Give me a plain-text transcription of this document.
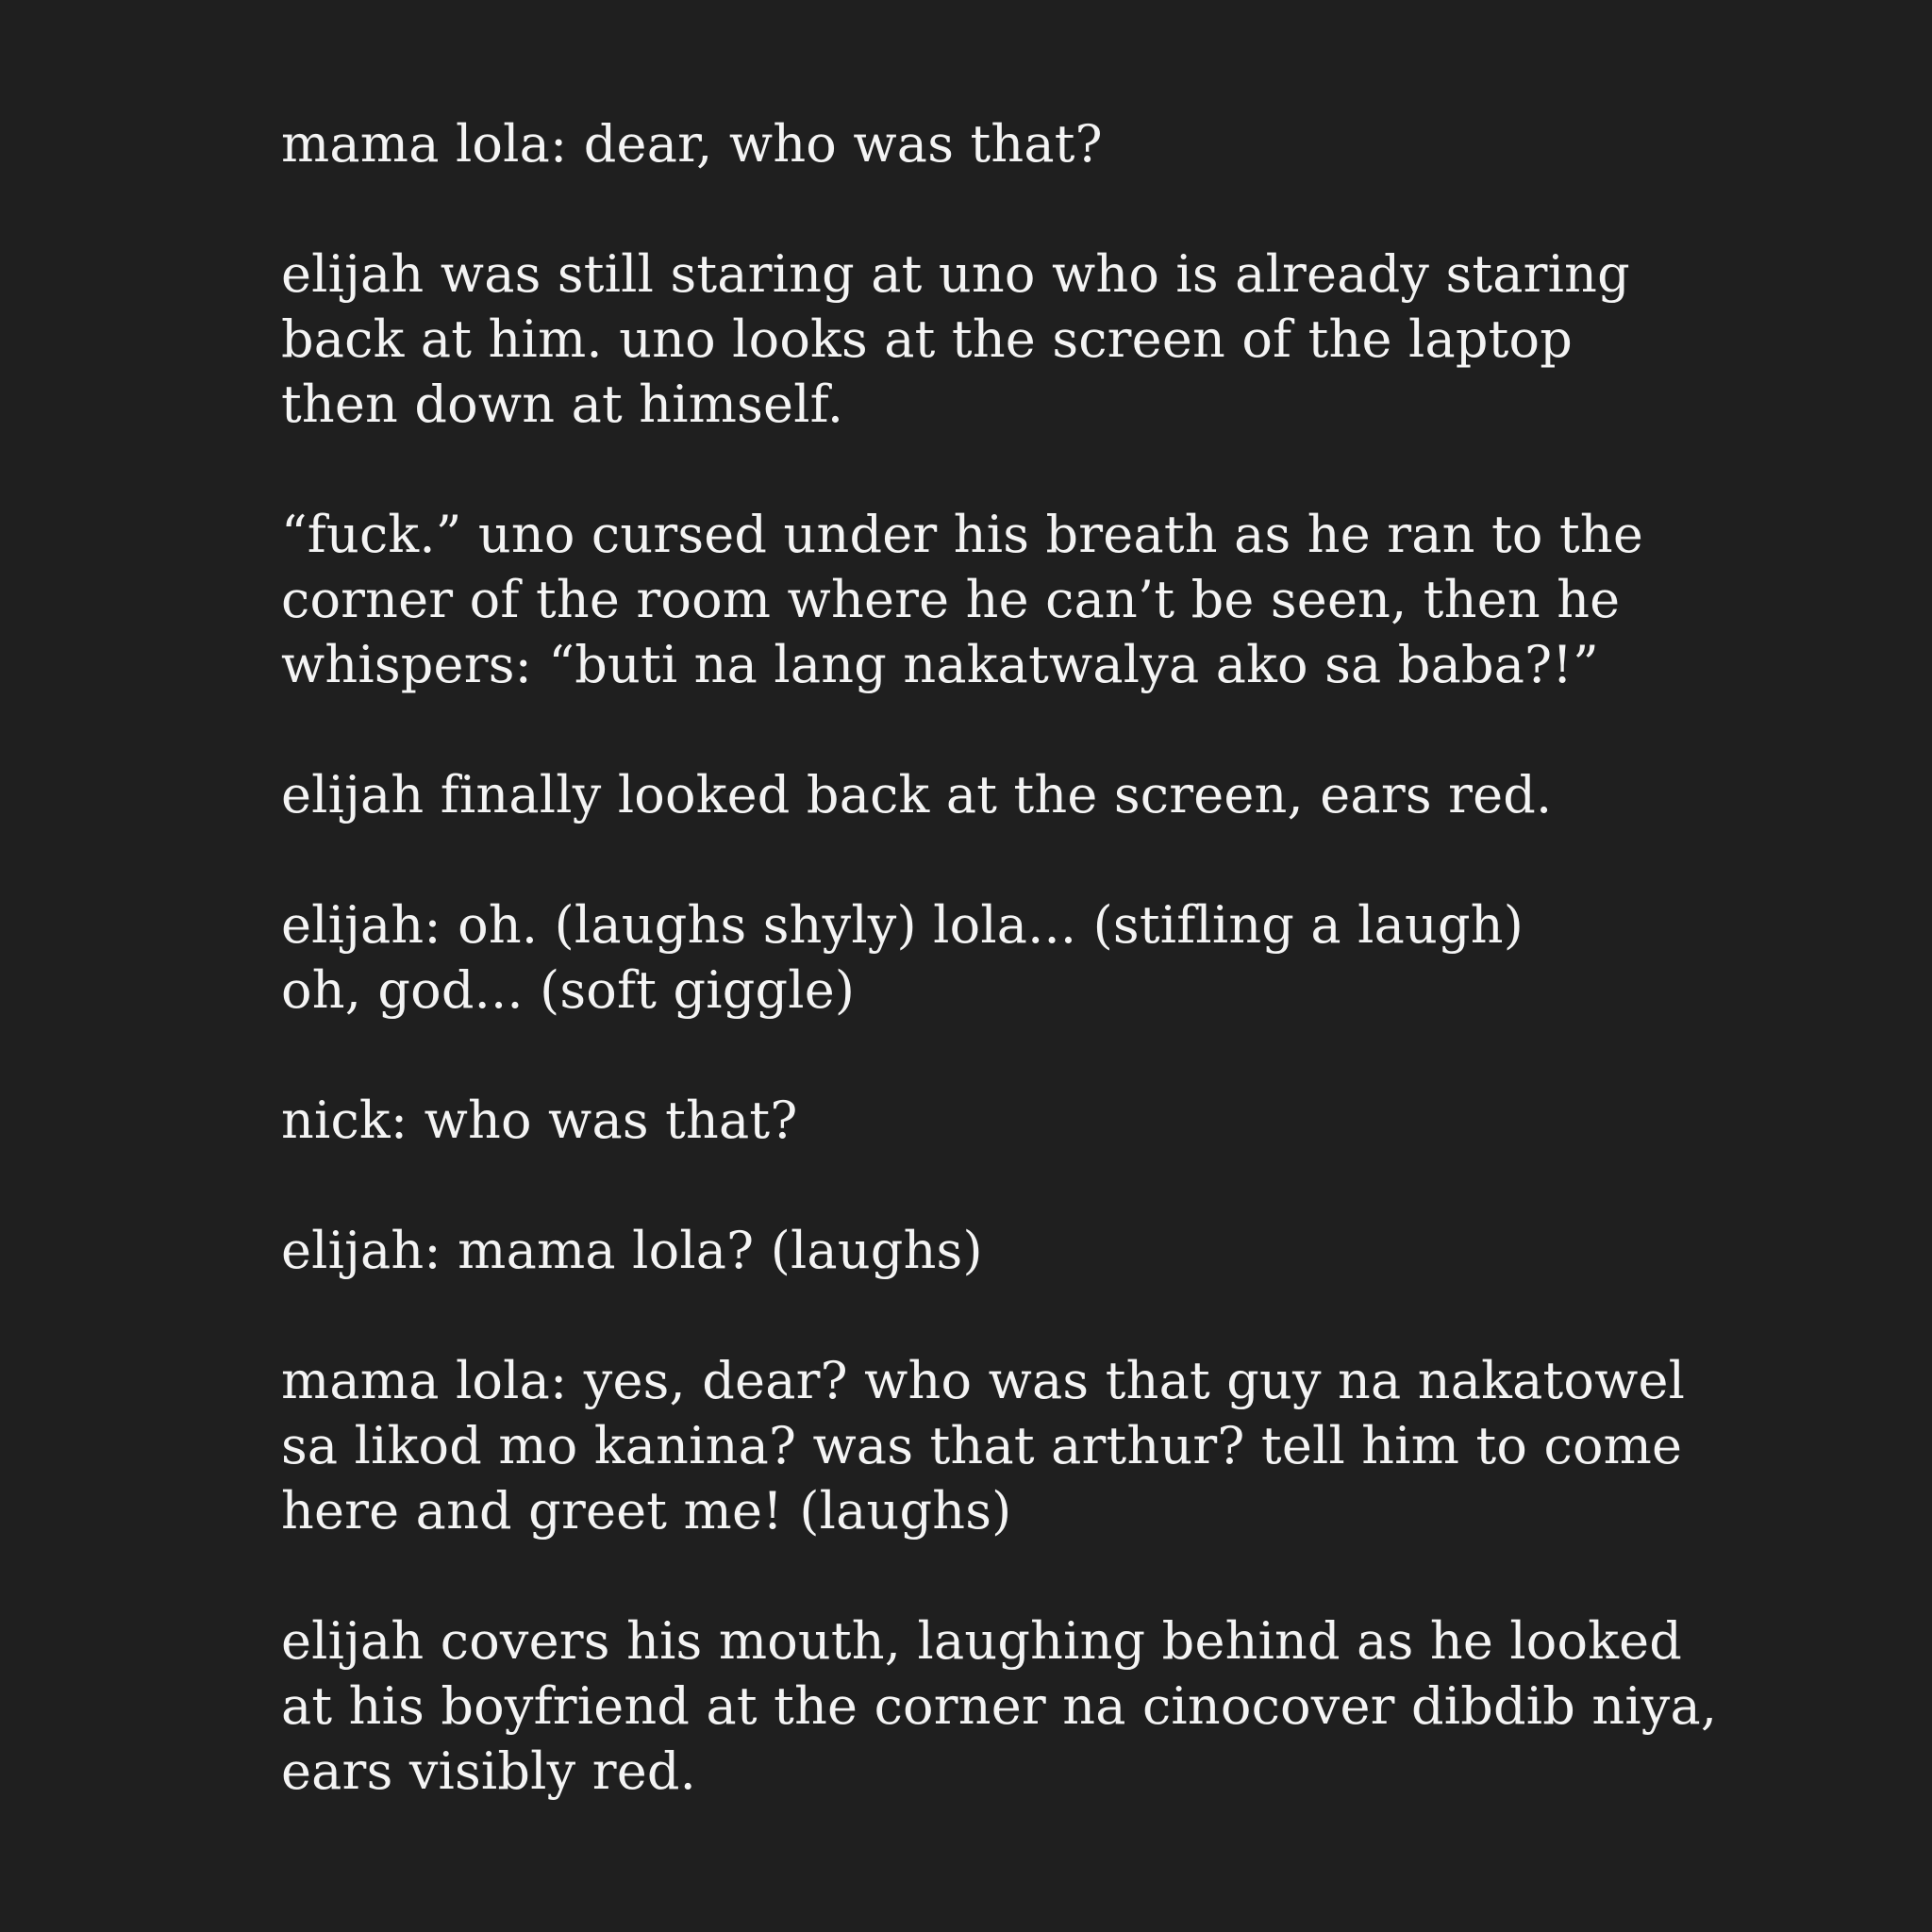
mama lola: dear, who was that?
elijah was still staring at uno who is already staring
back at him. uno looks at the screen of the laptop
then down at himself.
“fuck.” uno cursed under his breath as he ran to the
corner of the room where he can’t be seen, then he
whispers: “buti na lang nakatwalya ako sa baba?!”
elijah finally looked back at the screen, ears red.
elijah: oh. (laughs shyly) lola... (stifling a laugh)
oh, god... (soft giggle)
nick: who was that?
elijah: mama lola? (laughs)
mama lola: yes, dear? who was that guy na nakatowel
sa likod mo kanina? was that arthur? tell him to come
here and greet me! (laughs)
elijah covers his mouth, laughing behind as he looked
at his boyfriend at the corner na cinocover dibdib niya,
ears visibly red.
